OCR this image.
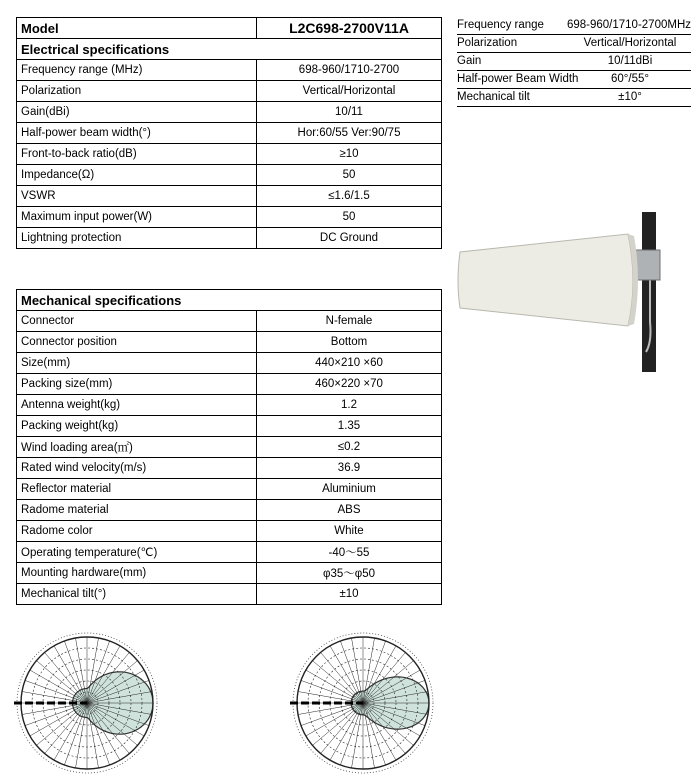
Model	L2C698-2700V11A
Electrical specifications	
Frequency range (MHz)	698-960/1710-2700
Polarization	Vertical/Horizontal
Gain(dBi)	10/11
Half-power beam width(°)	Hor:60/55 Ver:90/75
Front-to-back ratio(dB)	≥10
Impedance(Ω)	50
VSWR	≤1.6/1.5
Maximum input power(W)	50
Lightning protection	DC Ground
Mechanical specifications	
Connector	N-female
Connector position	Bottom
Size(mm)	440×210 ×60
Packing size(mm)	460×220 ×70
Antenna weight(kg)	1.2
Packing weight(kg)	1.35
Wind loading area(㎡)	≤0.2
Rated wind velocity(m/s)	36.9
Reflector material	Aluminium
Radome material	ABS
Radome color	White
Operating temperature(℃)	-40～55
Mounting hardware(mm)	φ35～φ50
Mechanical tilt(°)	±10
Frequency range	698-960/1710-2700MHz
Polarization	Vertical/Horizontal
Gain	10/11dBi
Half-power Beam Width	60°/55°
Mechanical tilt	±10°
